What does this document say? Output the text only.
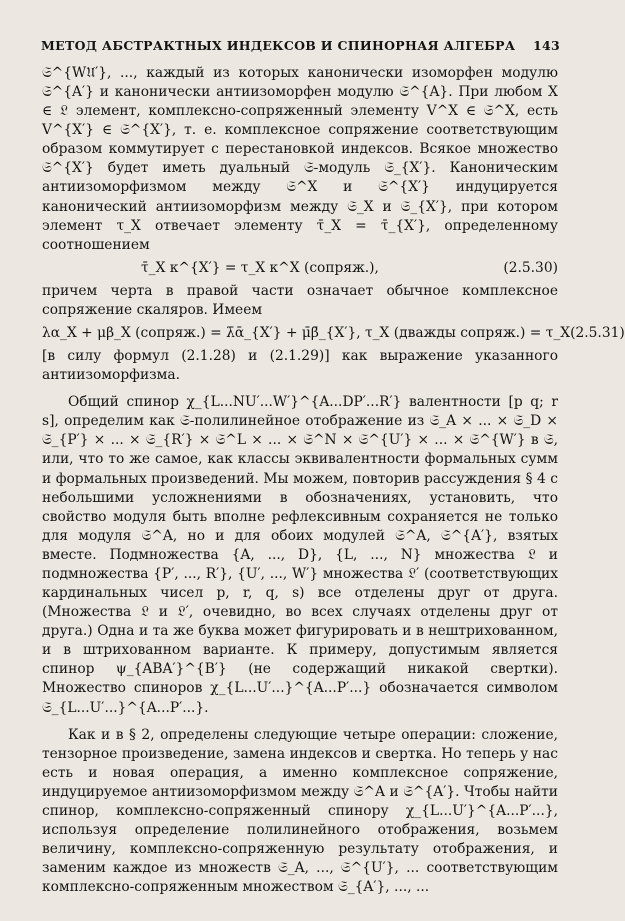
МЕТОД АБСТРАКТНЫХ ИНДЕКСОВ И СПИНОРНАЯ АЛГЕБРА 143

𝔖^{W𝔘′}, ..., каждый из которых канонически изоморфен модулю 𝔖^{A′} и канонически антиизоморфен модулю 𝔖^{A}. При любом X ∈ 𝔏 элемент, комплексно-сопряженный элементу V^X ∈ 𝔖^X, есть V^{X′} ∈ 𝔖^{X′}, т. е. комплексное сопряжение соответствующим образом коммутирует с перестановкой индексов. Всякое множество 𝔖^{X′} будет иметь дуальный 𝔖-модуль 𝔖_{X′}. Каноническим антиизоморфизмом между 𝔖^X и 𝔖^{X′} индуцируется канонический антиизоморфизм между 𝔖_X и 𝔖_{X′}, при котором элемент τ_X отвечает элементу τ̄_X = τ̄_{X′}, определенному соотношением

τ̄_X κ^{X′} = τ_X κ^X (сопряж.),	(2.5.30)

причем черта в правой части означает обычное комплексное сопряжение скаляров. Имеем

λα_X + μβ_X (сопряж.) = λ̄ᾱ_{X′} + μ̄β̄_{X′}, τ_X (дважды сопряж.) = τ_X (2.5.31)

[в силу формул (2.1.28) и (2.1.29)] как выражение указанного антиизоморфизма.

Общий спинор χ_{L...NU′...W′}^{A...DP′...R′} валентности [p q; r s], определим как 𝔖-полилинейное отображение из 𝔖_A × ... × 𝔖_D × 𝔖_{P′} × ... × 𝔖_{R′} × 𝔖^L × ... × 𝔖^N × 𝔖^{U′} × ... × 𝔖^{W′} в 𝔖, или, что то же самое, как классы эквивалентности формальных сумм и формальных произведений. Мы можем, повторив рассуждения § 4 с небольшими усложнениями в обозначениях, установить, что свойство модуля быть вполне рефлексивным сохраняется не только для модуля 𝔖^A, но и для обоих модулей 𝔖^A, 𝔖^{A′}, взятых вместе. Подмножества {A, ..., D}, {L, ..., N} множества 𝔏 и подмножества {P′, ..., R′}, {U′, ..., W′} множества 𝔏′ (соответствующих кардинальных чисел p, r, q, s) все отделены друг от друга. (Множества 𝔏 и 𝔏′, очевидно, во всех случаях отделены друг от друга.) Одна и та же буква может фигурировать и в нештрихованном, и в штрихованном варианте. К примеру, допустимым является спинор ψ_{ABA′}^{B′} (не содержащий никакой свертки). Множество спиноров χ_{L...U′...}^{A...P′...} обозначается символом 𝔖_{L...U′...}^{A...P′...}.

Как и в § 2, определены следующие четыре операции: сложение, тензорное произведение, замена индексов и свертка. Но теперь у нас есть и новая операция, а именно комплексное сопряжение, индуцируемое антиизоморфизмом между 𝔖^A и 𝔖^{A′}. Чтобы найти спинор, комплексно-сопряженный спинору χ_{L...U′}^{A...P′...}, используя определение полилинейного отображения, возьмем величину, комплексно-сопряженную результату отображения, и заменим каждое из множеств 𝔖_A, ..., 𝔖^{U′}, ... соответствующим комплексно-сопряженным множеством 𝔖_{A′}, ..., ...
